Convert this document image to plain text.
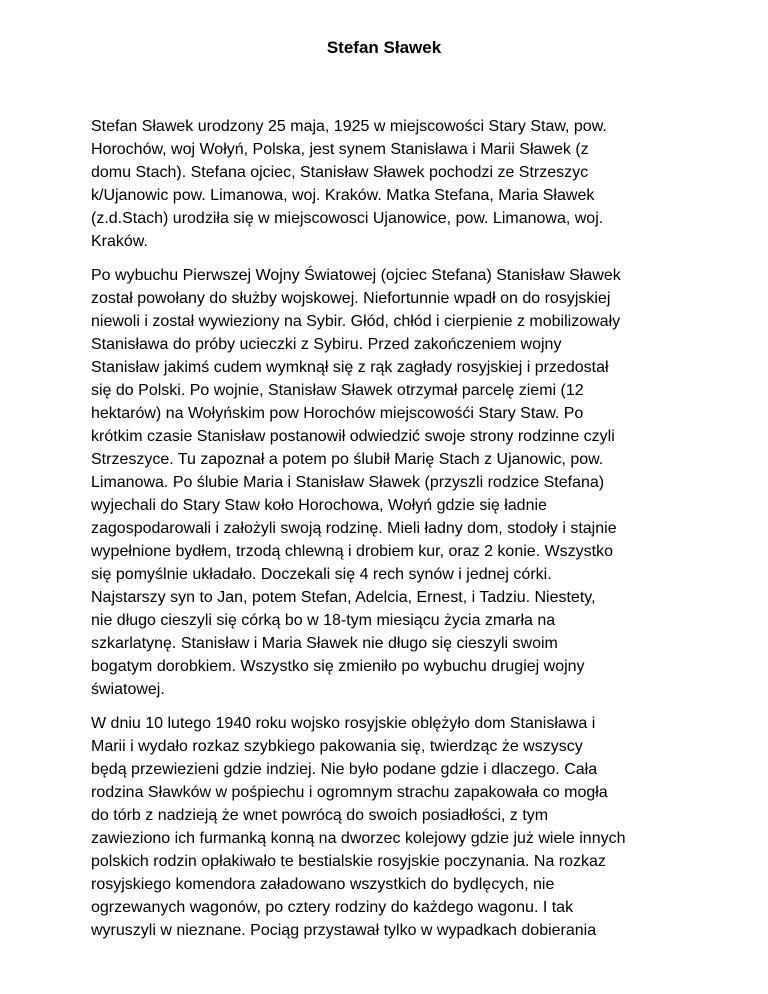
Stefan Sławek

Stefan Sławek urodzony 25 maja, 1925 w miejscowości Stary Staw, pow.
Horochów, woj Wołyń, Polska, jest synem Stanisława i Marii Sławek (z
domu Stach). Stefana ojciec, Stanisław Sławek pochodzi ze Strzeszyc
k/Ujanowic pow. Limanowa, woj. Kraków. Matka Stefana, Maria Sławek
(z.d.Stach) urodziła się w miejscowosci Ujanowice, pow. Limanowa, woj.
Kraków.

Po wybuchu Pierwszej Wojny Światowej (ojciec Stefana) Stanisław Sławek
został powołany do służby wojskowej. Niefortunnie wpadł on do rosyjskiej
niewoli i został wywieziony na Sybir. Głód, chłód i cierpienie z mobilizowały
Stanisława do próby ucieczki z Sybiru. Przed zakończeniem wojny
Stanisław jakimś cudem wymknął się z rąk zagłady rosyjskiej i przedostał
się do Polski. Po wojnie, Stanisław Sławek otrzymał parcelę ziemi (12
hektarów) na Wołyńskim pow Horochów miejscowośći Stary Staw. Po
krótkim czasie Stanisław postanowił odwiedzić swoje strony rodzinne czyli
Strzeszyce. Tu zapoznał a potem po ślubił Marię Stach z Ujanowic, pow.
Limanowa. Po ślubie Maria i Stanisław Sławek (przyszli rodzice Stefana)
wyjechali do Stary Staw koło Horochowa, Wołyń gdzie się ładnie
zagospodarowali i założyli swoją rodzinę. Mieli ładny dom, stodoły i stajnie
wypełnione bydłem, trzodą chlewną i drobiem kur, oraz 2 konie. Wszystko
się pomyślnie układało. Doczekali się 4 rech synów i jednej córki.
Najstarszy syn to Jan, potem Stefan, Adelcia, Ernest, i Tadziu. Niestety,
nie długo cieszyli się córką bo w 18-tym miesiącu życia zmarła na
szkarlatynę. Stanisław i Maria Sławek nie długo się cieszyli swoim
bogatym dorobkiem. Wszystko się zmieniło po wybuchu drugiej wojny
światowej.

W dniu 10 lutego 1940 roku wojsko rosyjskie oblężyło dom Stanisława i
Marii i wydało rozkaz szybkiego pakowania się, twierdząc że wszyscy
będą przewiezieni gdzie indziej. Nie było podane gdzie i dlaczego. Cała
rodzina Sławków w pośpiechu i ogromnym strachu zapakowała co mogła
do tórb z nadzieją że wnet powrócą do swoich posiadłości, z tym
zawieziono ich furmanką konną na dworzec kolejowy gdzie już wiele innych
polskich rodzin opłakiwało te bestialskie rosyjskie poczynania. Na rozkaz
rosyjskiego komendora załadowano wszystkich do bydlęcych, nie
ogrzewanych wagonów, po cztery rodziny do każdego wagonu. I tak
wyruszyli w nieznane. Pociąg przystawał tylko w wypadkach dobierania
